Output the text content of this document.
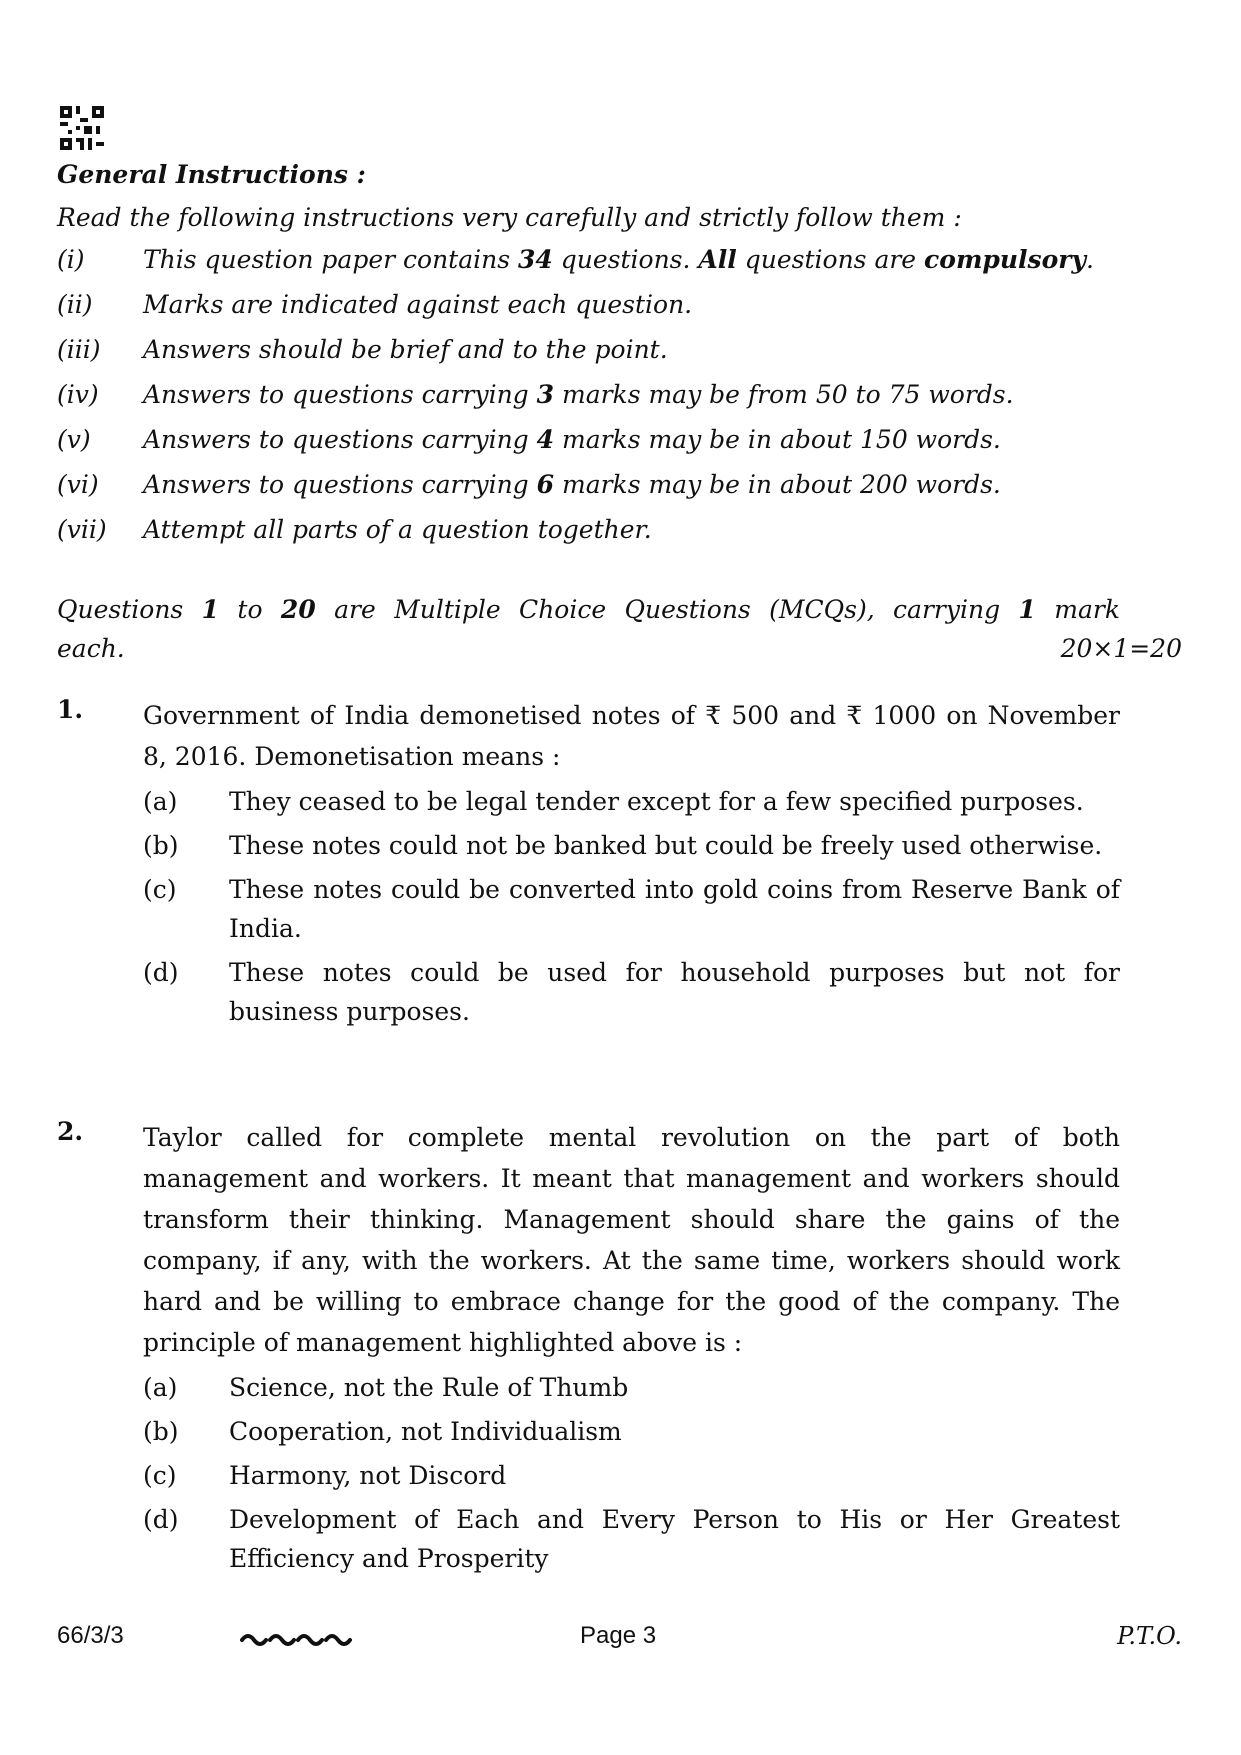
General Instructions :
Read the following instructions very carefully and strictly follow them :
(i)	This question paper contains 34 questions. All questions are compulsory.
(ii)	Marks are indicated against each question.
(iii)	Answers should be brief and to the point.
(iv)	Answers to questions carrying 3 marks may be from 50 to 75 words.
(v)	Answers to questions carrying 4 marks may be in about 150 words.
(vi)	Answers to questions carrying 6 marks may be in about 200 words.
(vii)	Attempt all parts of a question together.
Questions 1 to 20 are Multiple Choice Questions (MCQs), carrying 1 mark
each.	20×1=20
1. Government of India demonetised notes of ₹ 500 and ₹ 1000 on November 8, 2016. Demonetisation means :
(a)	They ceased to be legal tender except for a few specified purposes.
(b)	These notes could not be banked but could be freely used otherwise.
(c)	These notes could be converted into gold coins from Reserve Bank of India.
(d)	These notes could be used for household purposes but not for business purposes.
2. Taylor called for complete mental revolution on the part of both management and workers. It meant that management and workers should transform their thinking. Management should share the gains of the company, if any, with the workers. At the same time, workers should work hard and be willing to embrace change for the good of the company. The principle of management highlighted above is :
(a)	Science, not the Rule of Thumb
(b)	Cooperation, not Individualism
(c)	Harmony, not Discord
(d)	Development of Each and Every Person to His or Her Greatest Efficiency and Prosperity
66/3/3	Page 3	P.T.O.
